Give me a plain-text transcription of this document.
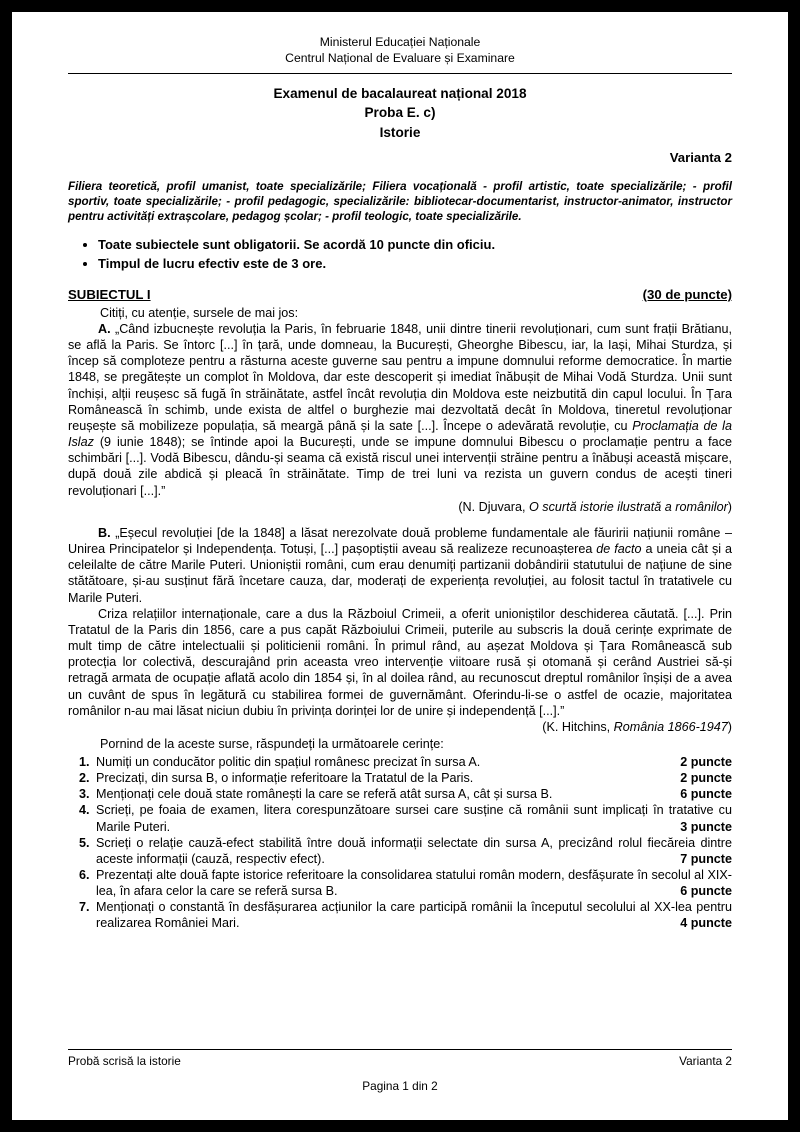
Ministerul Educației Naționale
Centrul Național de Evaluare și Examinare
Examenul de bacalaureat național 2018
Proba E. c)
Istorie
Varianta 2
Filiera teoretică, profil umanist, toate specializările; Filiera vocațională - profil artistic, toate specializările; - profil sportiv, toate specializările; - profil pedagogic, specializările: bibliotecar-documentarist, instructor-animator, instructor pentru activități extrașcolare, pedagog școlar; - profil teologic, toate specializările.
• Toate subiectele sunt obligatorii. Se acordă 10 puncte din oficiu.
• Timpul de lucru efectiv este de 3 ore.
SUBIECTUL I	(30 de puncte)
Citiți, cu atenție, sursele de mai jos:

A. „Când izbucnește revoluția la Paris, în februarie 1848, unii dintre tinerii revoluționari, cum sunt frații Brătianu, se află la Paris. Se întorc [...] în țară, unde domneau, la București, Gheorghe Bibescu, iar, la Iași, Mihai Sturdza, și încep să comploteze pentru a răsturna aceste guverne sau pentru a impune domnului reforme democratice. În martie 1848, se pregătește un complot în Moldova, dar este descoperit și imediat înăbușit de Mihai Vodă Sturdza. Unii sunt închiși, alții reușesc să fugă în străinătate, astfel încât revoluția din Moldova este neizbutită din capul locului. În Țara Românească în schimb, unde exista de altfel o burghezie mai dezvoltată decât în Moldova, tineretul revoluționar reușește să mobilizeze populația, să meargă până și la sate [...]. Începe o adevărată revoluție, cu Proclamația de la Islaz (9 iunie 1848); se întinde apoi la București, unde se impune domnului Bibescu o proclamație pentru a face schimbări [...]. Vodă Bibescu, dându-și seama că există riscul unei intervenții străine pentru a înăbuși această mișcare, după două zile abdică și pleacă în străinătate. Timp de trei luni va rezista un guvern condus de acești tineri revoluționari [...].”

(N. Djuvara, O scurtă istorie ilustrată a românilor)

B. „Eșecul revoluției [de la 1848] a lăsat nerezolvate două probleme fundamentale ale făuririi națiunii române – Unirea Principatelor și Independența. Totuși, [...] pașoptiștii aveau să realizeze recunoașterea de facto a uneia cât și a celeilalte de către Marile Puteri. Unioniștii români, cum erau denumiți partizanii dobândirii statutului de națiune de sine stătătoare, și-au susținut fără încetare cauza, dar, moderați de experiența revoluției, au folosit tactul în tratativele cu Marile Puteri.

Criza relațiilor internaționale, care a dus la Războiul Crimeii, a oferit unioniștilor deschiderea căutată. [...]. Prin Tratatul de la Paris din 1856, care a pus capăt Războiului Crimeii, puterile au subscris la două cerințe exprimate de mult timp de către intelectualii și politicienii români. În primul rând, au așezat Moldova și Țara Românească sub protecția lor colectivă, descurajând prin aceasta vreo intervenție viitoare rusă și otomană și cerând Austriei să-și retragă armata de ocupație aflată acolo din 1854 și, în al doilea rând, au recunoscut dreptul românilor înșiși de a avea un cuvânt de spus în legătură cu stabilirea formei de guvernământ. Oferindu-li-se o astfel de ocazie, majoritatea românilor n-au mai lăsat niciun dubiu în privința dorinței lor de unire și independență [...].”

(K. Hitchins, România 1866-1947)

Pornind de la aceste surse, răspundeți la următoarele cerințe:
1. Numiți un conducător politic din spațiul românesc precizat în sursa A.	2 puncte
2. Precizați, din sursa B, o informație referitoare la Tratatul de la Paris.	2 puncte
3. Menționați cele două state românești la care se referă atât sursa A, cât și sursa B.	6 puncte
4. Scrieți, pe foaia de examen, litera corespunzătoare sursei care susține că românii sunt implicați în tratative cu Marile Puteri.	3 puncte
5. Scrieți o relație cauză-efect stabilită între două informații selectate din sursa A, precizând rolul fiecăreia dintre aceste informații (cauză, respectiv efect).	7 puncte
6. Prezentați alte două fapte istorice referitoare la consolidarea statului român modern, desfășurate în secolul al XIX-lea, în afara celor la care se referă sursa B.	6 puncte
7. Menționați o constantă în desfășurarea acțiunilor la care participă românii la începutul secolului al XX-lea pentru realizarea României Mari.	4 puncte
Probă scrisă la istorie	Varianta 2
Pagina 1 din 2
